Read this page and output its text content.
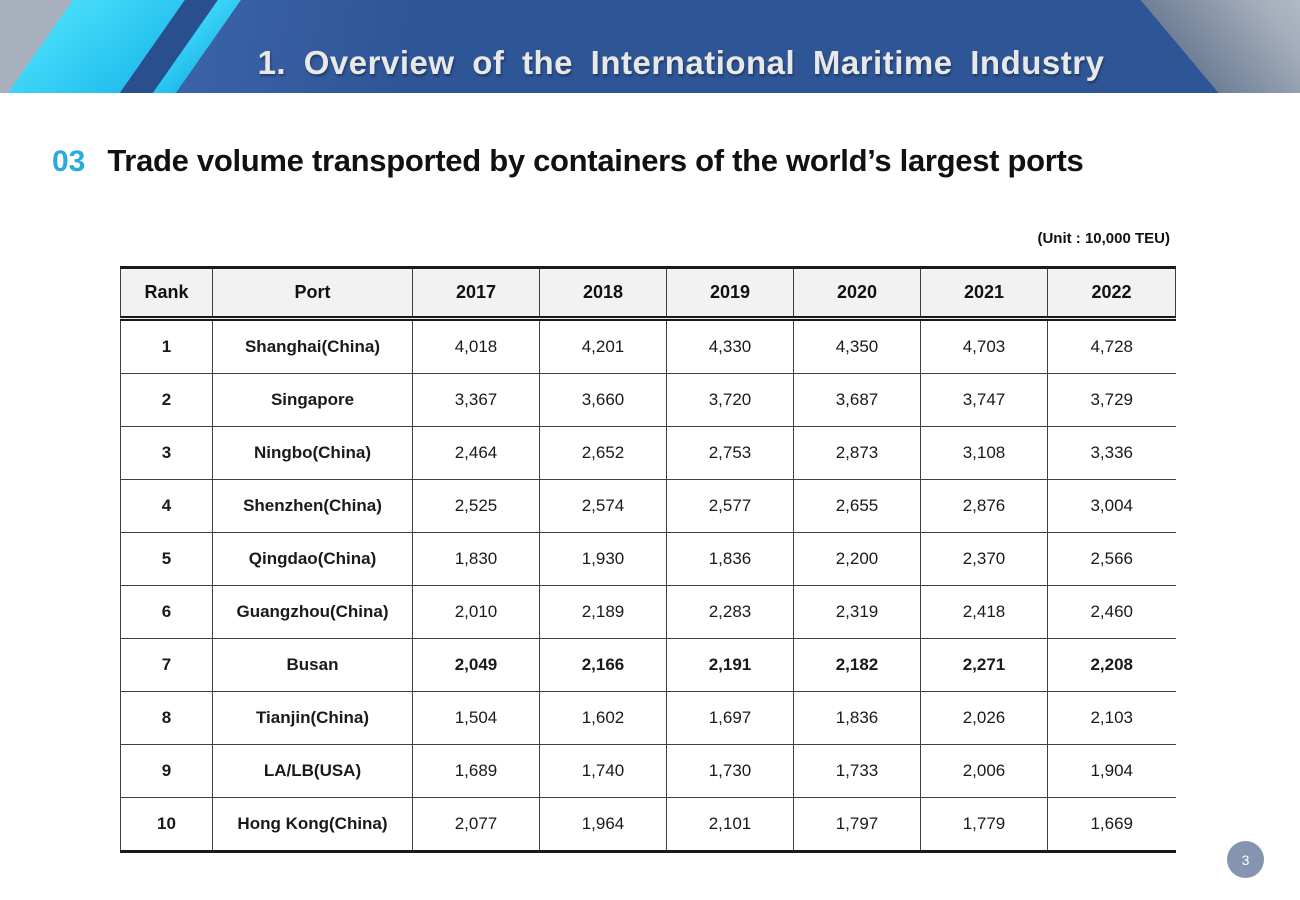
1. Overview of the International Maritime Industry
03 Trade volume transported by containers of the world’s largest ports
(Unit : 10,000 TEU)
Rank	Port	2017	2018	2019	2020	2021	2022
1	Shanghai(China)	4,018	4,201	4,330	4,350	4,703	4,728
2	Singapore	3,367	3,660	3,720	3,687	3,747	3,729
3	Ningbo(China)	2,464	2,652	2,753	2,873	3,108	3,336
4	Shenzhen(China)	2,525	2,574	2,577	2,655	2,876	3,004
5	Qingdao(China)	1,830	1,930	1,836	2,200	2,370	2,566
6	Guangzhou(China)	2,010	2,189	2,283	2,319	2,418	2,460
7	Busan	2,049	2,166	2,191	2,182	2,271	2,208
8	Tianjin(China)	1,504	1,602	1,697	1,836	2,026	2,103
9	LA/LB(USA)	1,689	1,740	1,730	1,733	2,006	1,904
10	Hong Kong(China)	2,077	1,964	2,101	1,797	1,779	1,669
3
